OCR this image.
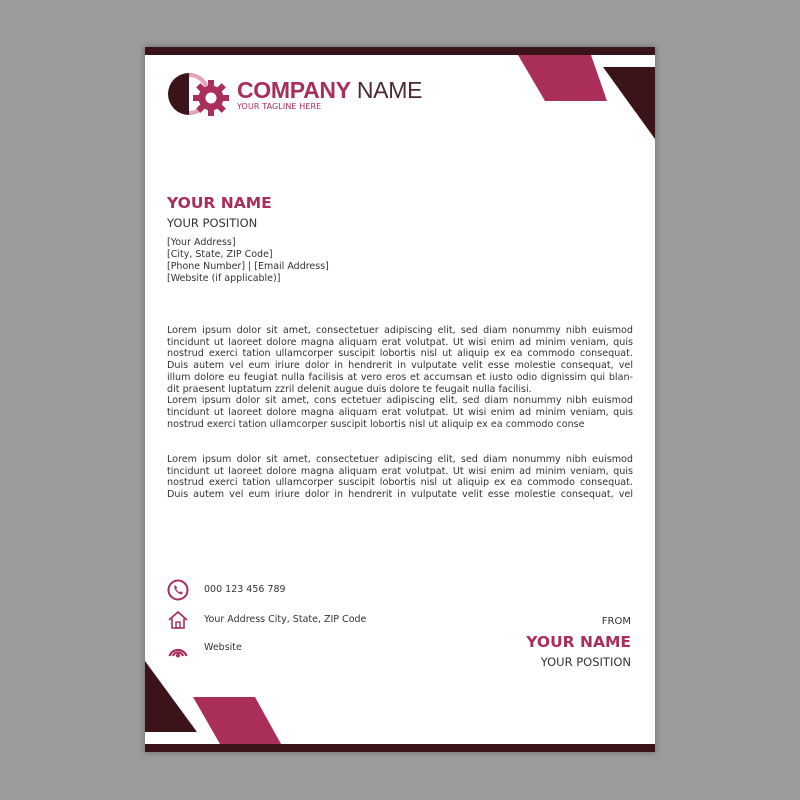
COMPANY NAME
YOUR TAGLINE HERE
YOUR NAME
YOUR POSITION
[Your Address]
[City, State, ZIP Code]
[Phone Number] | [Email Address]
[Website (if applicable)]
Lorem ipsum dolor sit amet, consectetuer adipiscing elit, sed diam nonummy nibh euismod
tincidunt ut laoreet dolore magna aliquam erat volutpat. Ut wisi enim ad minim veniam, quis
nostrud exerci tation ullamcorper suscipit lobortis nisl ut aliquip ex ea commodo consequat.
Duis autem vel eum iriure dolor in hendrerit in vulputate velit esse molestie consequat, vel
illum dolore eu feugiat nulla facilisis at vero eros et accumsan et iusto odio dignissim qui blan-
dit praesent luptatum zzril delenit augue duis dolore te feugait nulla facilisi.
Lorem ipsum dolor sit amet, cons ectetuer adipiscing elit, sed diam nonummy nibh euismod
tincidunt ut laoreet dolore magna aliquam erat volutpat. Ut wisi enim ad minim veniam, quis
nostrud exerci tation ullamcorper suscipit lobortis nisl ut aliquip ex ea commodo conse
Lorem ipsum dolor sit amet, consectetuer adipiscing elit, sed diam nonummy nibh euismod
tincidunt ut laoreet dolore magna aliquam erat volutpat. Ut wisi enim ad minim veniam, quis
nostrud exerci tation ullamcorper suscipit lobortis nisl ut aliquip ex ea commodo consequat.
Duis autem vel eum iriure dolor in hendrerit in vulputate velit esse molestie consequat, vel
000 123 456 789
Your Address City, State, ZIP Code
Website
FROM
YOUR NAME
YOUR POSITION
